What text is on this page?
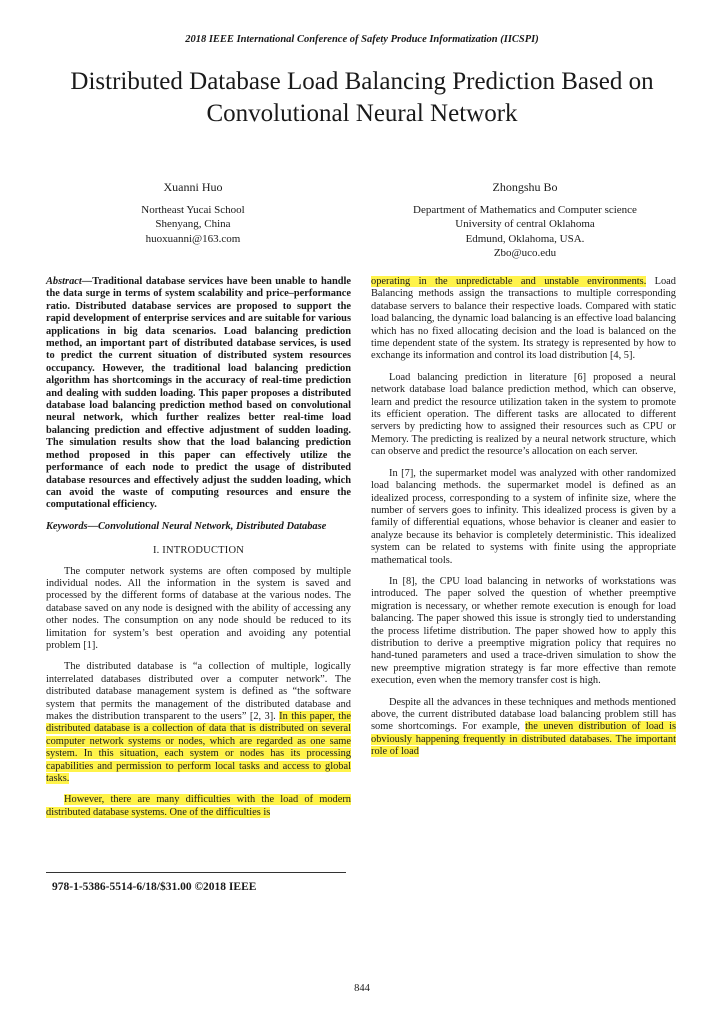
2018 IEEE International Conference of Safety Produce Informatization (IICSPI)
Distributed Database Load Balancing Prediction Based on Convolutional Neural Network
Xuanni Huo
Northeast Yucai School
Shenyang, China
huoxuanni@163.com
Zhongshu Bo
Department of Mathematics and Computer science
University of central Oklahoma
Edmund, Oklahoma, USA.
Zbo@uco.edu

Abstract—Traditional database services have been unable to handle the data surge in terms of system scalability and price–performance ratio. Distributed database services are proposed to support the rapid development of enterprise services and are suitable for various applications in big data scenarios. Load balancing prediction method, an important part of distributed database services, is used to predict the current situation of distributed system resources occupancy. However, the traditional load balancing prediction algorithm has shortcomings in the accuracy of real-time prediction and dealing with sudden loading. This paper proposes a distributed database load balancing prediction method based on convolutional neural network, which further realizes better real-time load balancing prediction and effective adjustment of sudden loading. The simulation results show that the load balancing prediction method proposed in this paper can effectively utilize the performance of each node to predict the usage of distributed database resources and effectively adjust the sudden loading, which can avoid the waste of computing resources and ensure the computational efficiency.

Keywords—Convolutional Neural Network, Distributed Database

I. INTRODUCTION

The computer network systems are often composed by multiple individual nodes. All the information in the system is saved and processed by the different forms of database at the various nodes. The database saved on any node is designed with the ability of accessing any other nodes. The consumption on any node should be reduced to its limitation for system’s best operation and avoiding any potential problem [1].

The distributed database is “a collection of multiple, logically interrelated databases distributed over a computer network”. The distributed database management system is defined as “the software system that permits the management of the distributed database and makes the distribution transparent to the users” [2, 3]. In this paper, the distributed database is a collection of data that is distributed on several computer network systems or nodes, which are regarded as one same system. In this situation, each system or nodes has its processing capabilities and permission to perform local tasks and access to global tasks.

However, there are many difficulties with the load of modern distributed database systems. One of the difficulties is

operating in the unpredictable and unstable environments. Load Balancing methods assign the transactions to multiple corresponding database servers to balance their respective loads. Compared with static load balancing, the dynamic load balancing is an effective load balancing which has no fixed allocating decision and the load is balanced on the time dependent state of the system. Its strategy is represented by how to exchange its information and control its load distribution [4, 5].

Load balancing prediction in literature [6] proposed a neural network database load balance prediction method, which can observe, learn and predict the resource utilization taken in the system to promote its efficient operation. The different tasks are allocated to different servers by predicting how to assigned their resources such as CPU or Memory. The predicting is realized by a neural network structure, which can observe and predict the resource’s allocation on each server.

In [7], the supermarket model was analyzed with other randomized load balancing methods. the supermarket model is defined as an idealized process, corresponding to a system of infinite size, where the number of servers goes to infinity. This idealized process is given by a family of differential equations, whose behavior is cleaner and easier to analyze because its behavior is completely deterministic. This idealized system can be related to systems with finite using the appropriate mathematical tools.

In [8], the CPU load balancing in networks of workstations was introduced. The paper solved the question of whether preemptive migration is necessary, or whether remote execution is enough for load balancing. The paper showed this issue is strongly tied to understanding the process lifetime distribution. The paper showed how to apply this distribution to derive a preemptive migration policy that requires no hand-tuned parameters and used a trace-driven simulation to show the new preemptive migration strategy is far more effective than remote execution, even when the memory transfer cost is high.

Despite all the advances in these techniques and methods mentioned above, the current distributed database load balancing problem still has some shortcomings. For example, the uneven distribution of load is obviously happening frequently in distributed databases. The important role of load

978-1-5386-5514-6/18/$31.00 ©2018 IEEE
844
